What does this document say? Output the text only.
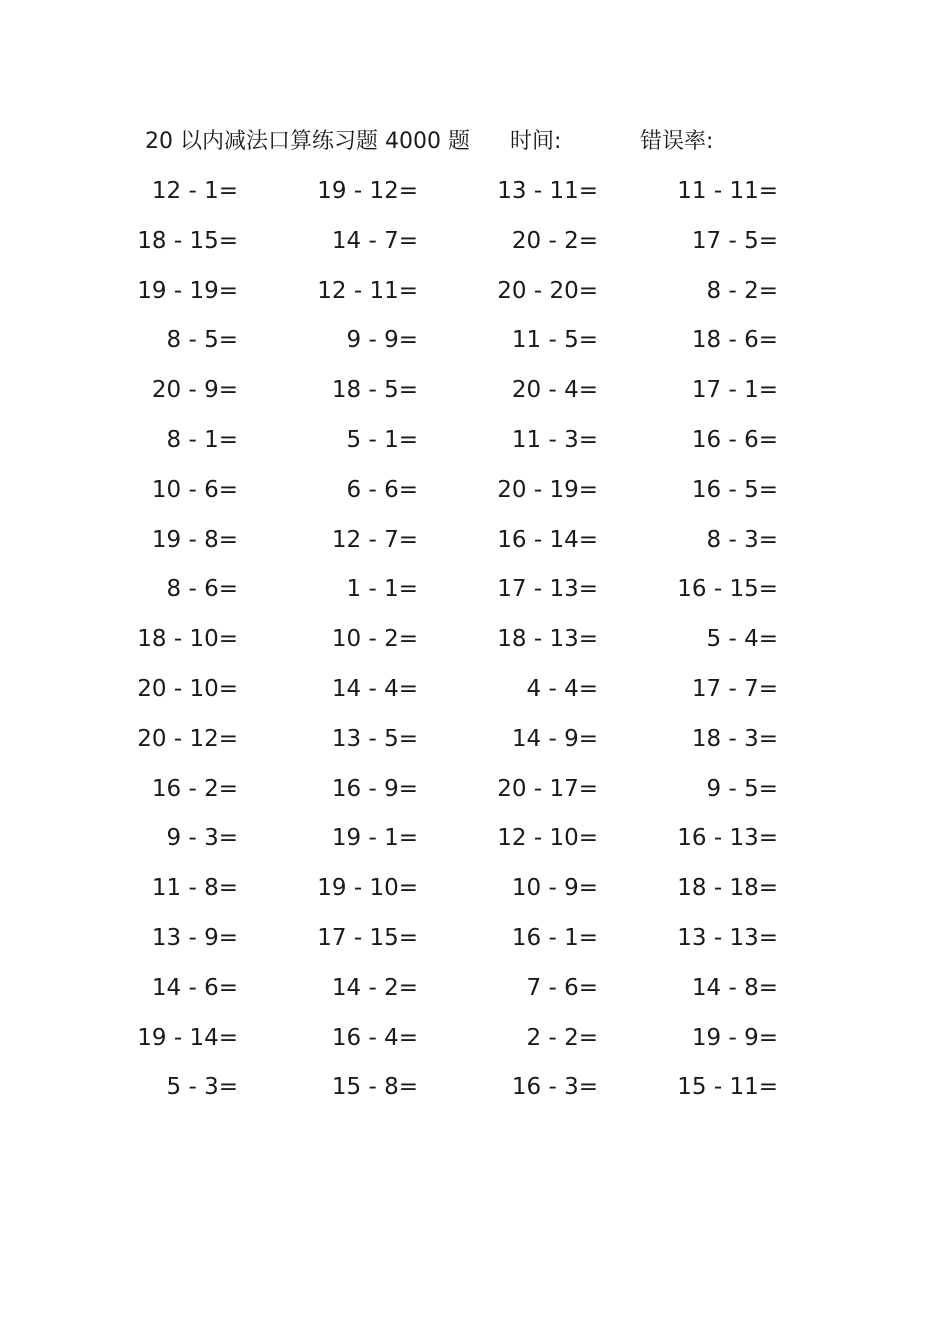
20 以内减法口算练习题 4000 题 时间:	错误率:
12 - 1=	19 - 12=	13 - 11=	11 - 11=
18 - 15=	14 - 7=	20 - 2=	17 - 5=
19 - 19=	12 - 11=	20 - 20=	8 - 2=
8 - 5=	9 - 9=	11 - 5=	18 - 6=
20 - 9=	18 - 5=	20 - 4=	17 - 1=
8 - 1=	5 - 1=	11 - 3=	16 - 6=
10 - 6=	6 - 6=	20 - 19=	16 - 5=
19 - 8=	12 - 7=	16 - 14=	8 - 3=
8 - 6=	1 - 1=	17 - 13=	16 - 15=
18 - 10=	10 - 2=	18 - 13=	5 - 4=
20 - 10=	14 - 4=	4 - 4=	17 - 7=
20 - 12=	13 - 5=	14 - 9=	18 - 3=
16 - 2=	16 - 9=	20 - 17=	9 - 5=
9 - 3=	19 - 1=	12 - 10=	16 - 13=
11 - 8=	19 - 10=	10 - 9=	18 - 18=
13 - 9=	17 - 15=	16 - 1=	13 - 13=
14 - 6=	14 - 2=	7 - 6=	14 - 8=
19 - 14=	16 - 4=	2 - 2=	19 - 9=
5 - 3=	15 - 8=	16 - 3=	15 - 11=
